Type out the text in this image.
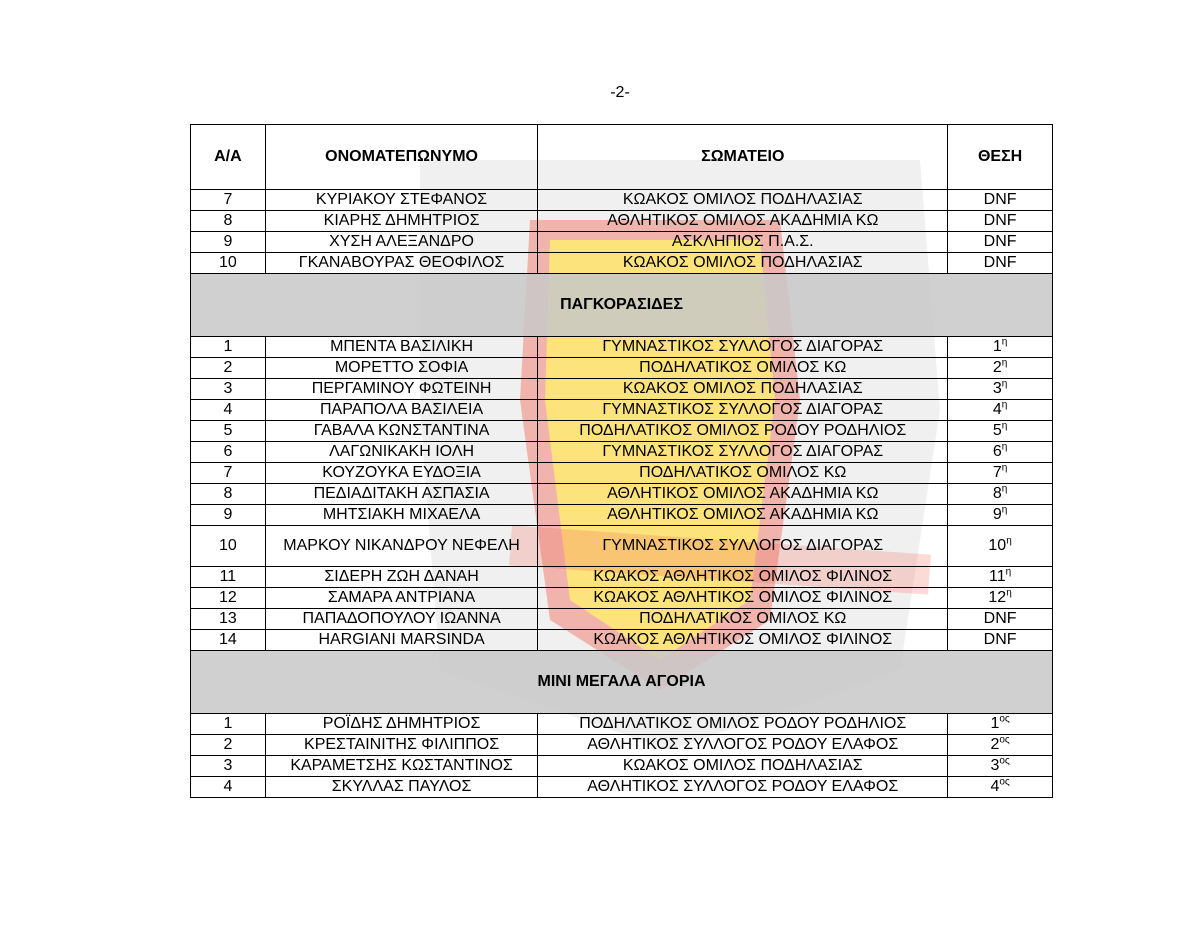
-2-
Α/Α	ΟΝΟΜΑΤΕΠΩΝΥΜΟ	ΣΩΜΑΤΕΙΟ	ΘΕΣΗ
7	ΚΥΡΙΑΚΟΥ ΣΤΕΦΑΝΟΣ	ΚΩΑΚΟΣ ΟΜΙΛΟΣ ΠΟΔΗΛΑΣΙΑΣ	DNF
8	ΚΙΑΡΗΣ ΔΗΜΗΤΡΙΟΣ	ΑΘΛΗΤΙΚΟΣ ΟΜΙΛΟΣ ΑΚΑΔΗΜΙΑ ΚΩ	DNF
9	ΧΥΣΗ ΑΛΕΞΑΝΔΡΟ	ΑΣΚΛΗΠΙΟΣ Π.Α.Σ.	DNF
10	ΓΚΑΝΑΒΟΥΡΑΣ ΘΕΟΦΙΛΟΣ	ΚΩΑΚΟΣ ΟΜΙΛΟΣ ΠΟΔΗΛΑΣΙΑΣ	DNF
ΠΑΓΚΟΡΑΣΙΔΕΣ			
1	ΜΠΕΝΤΑ ΒΑΣΙΛΙΚΗ	ΓΥΜΝΑΣΤΙΚΟΣ ΣΥΛΛΟΓΟΣ ΔΙΑΓΟΡΑΣ	$1^\eta$
2	ΜΟΡΕΤΤΟ ΣΟΦΙΑ	ΠΟΔΗΛΑΤΙΚΟΣ ΟΜΙΛΟΣ ΚΩ	$2^\eta$
3	ΠΕΡΓΑΜΙΝΟΥ ΦΩΤΕΙΝΗ	ΚΩΑΚΟΣ ΟΜΙΛΟΣ ΠΟΔΗΛΑΣΙΑΣ	$3^\eta$
4	ΠΑΡΑΠΟΛΑ ΒΑΣΙΛΕΙΑ	ΓΥΜΝΑΣΤΙΚΟΣ ΣΥΛΛΟΓΟΣ ΔΙΑΓΟΡΑΣ	$4^\eta$
5	ΓΑΒΑΛΑ ΚΩΝΣΤΑΝΤΙΝΑ	ΠΟΔΗΛΑΤΙΚΟΣ ΟΜΙΛΟΣ ΡΟΔΟΥ ΡΟΔΗΛΙΟΣ	$5^\eta$
6	ΛΑΓΩΝΙΚΑΚΗ ΙΟΛΗ	ΓΥΜΝΑΣΤΙΚΟΣ ΣΥΛΛΟΓΟΣ ΔΙΑΓΟΡΑΣ	$6^\eta$
7	ΚΟΥΖΟΥΚΑ ΕΥΔΟΞΙΑ	ΠΟΔΗΛΑΤΙΚΟΣ ΟΜΙΛΟΣ ΚΩ	$7^\eta$
8	ΠΕΔΙΑΔΙΤΑΚΗ ΑΣΠΑΣΙΑ	ΑΘΛΗΤΙΚΟΣ ΟΜΙΛΟΣ ΑΚΑΔΗΜΙΑ ΚΩ	$8^\eta$
9	ΜΗΤΣΙΑΚΗ ΜΙΧΑΕΛΑ	ΑΘΛΗΤΙΚΟΣ ΟΜΙΛΟΣ ΑΚΑΔΗΜΙΑ ΚΩ	$9^\eta$
10	ΜΑΡΚΟΥ ΝΙΚΑΝΔΡΟΥ ΝΕΦΕΛΗ	ΓΥΜΝΑΣΤΙΚΟΣ ΣΥΛΛΟΓΟΣ ΔΙΑΓΟΡΑΣ	$10^\eta$
11	ΣΙΔΕΡΗ ΖΩΗ ΔΑΝΑΗ	ΚΩΑΚΟΣ ΑΘΛΗΤΙΚΟΣ ΟΜΙΛΟΣ ΦΙΛΙΝΟΣ	$11^\eta$
12	ΣΑΜΑΡΑ ΑΝΤΡΙΑΝΑ	ΚΩΑΚΟΣ ΑΘΛΗΤΙΚΟΣ ΟΜΙΛΟΣ ΦΙΛΙΝΟΣ	$12^\eta$
13	ΠΑΠΑΔΟΠΟΥΛΟΥ ΙΩΑΝΝΑ	ΠΟΔΗΛΑΤΙΚΟΣ ΟΜΙΛΟΣ ΚΩ	DNF
14	HARGIANI MARSINDA	ΚΩΑΚΟΣ ΑΘΛΗΤΙΚΟΣ ΟΜΙΛΟΣ ΦΙΛΙΝΟΣ	DNF
ΜΙΝΙ ΜΕΓΑΛΑ ΑΓΟΡΙΑ			
1	ΡΟΪΔΗΣ ΔΗΜΗΤΡΙΟΣ	ΠΟΔΗΛΑΤΙΚΟΣ ΟΜΙΛΟΣ ΡΟΔΟΥ ΡΟΔΗΛΙΟΣ	$1^{o\varsigma}$
2	ΚΡΕΣΤΑΙΝΙΤΗΣ ΦΙΛΙΠΠΟΣ	ΑΘΛΗΤΙΚΟΣ ΣΥΛΛΟΓΟΣ ΡΟΔΟΥ ΕΛΑΦΟΣ	$2^{o\varsigma}$
3	ΚΑΡΑΜΕΤΣΗΣ ΚΩΣΤΑΝΤΙΝΟΣ	ΚΩΑΚΟΣ ΟΜΙΛΟΣ ΠΟΔΗΛΑΣΙΑΣ	$3^{o\varsigma}$
4	ΣΚΥΛΛΑΣ ΠΑΥΛΟΣ	ΑΘΛΗΤΙΚΟΣ ΣΥΛΛΟΓΟΣ ΡΟΔΟΥ ΕΛΑΦΟΣ	$4^{o\varsigma}$
